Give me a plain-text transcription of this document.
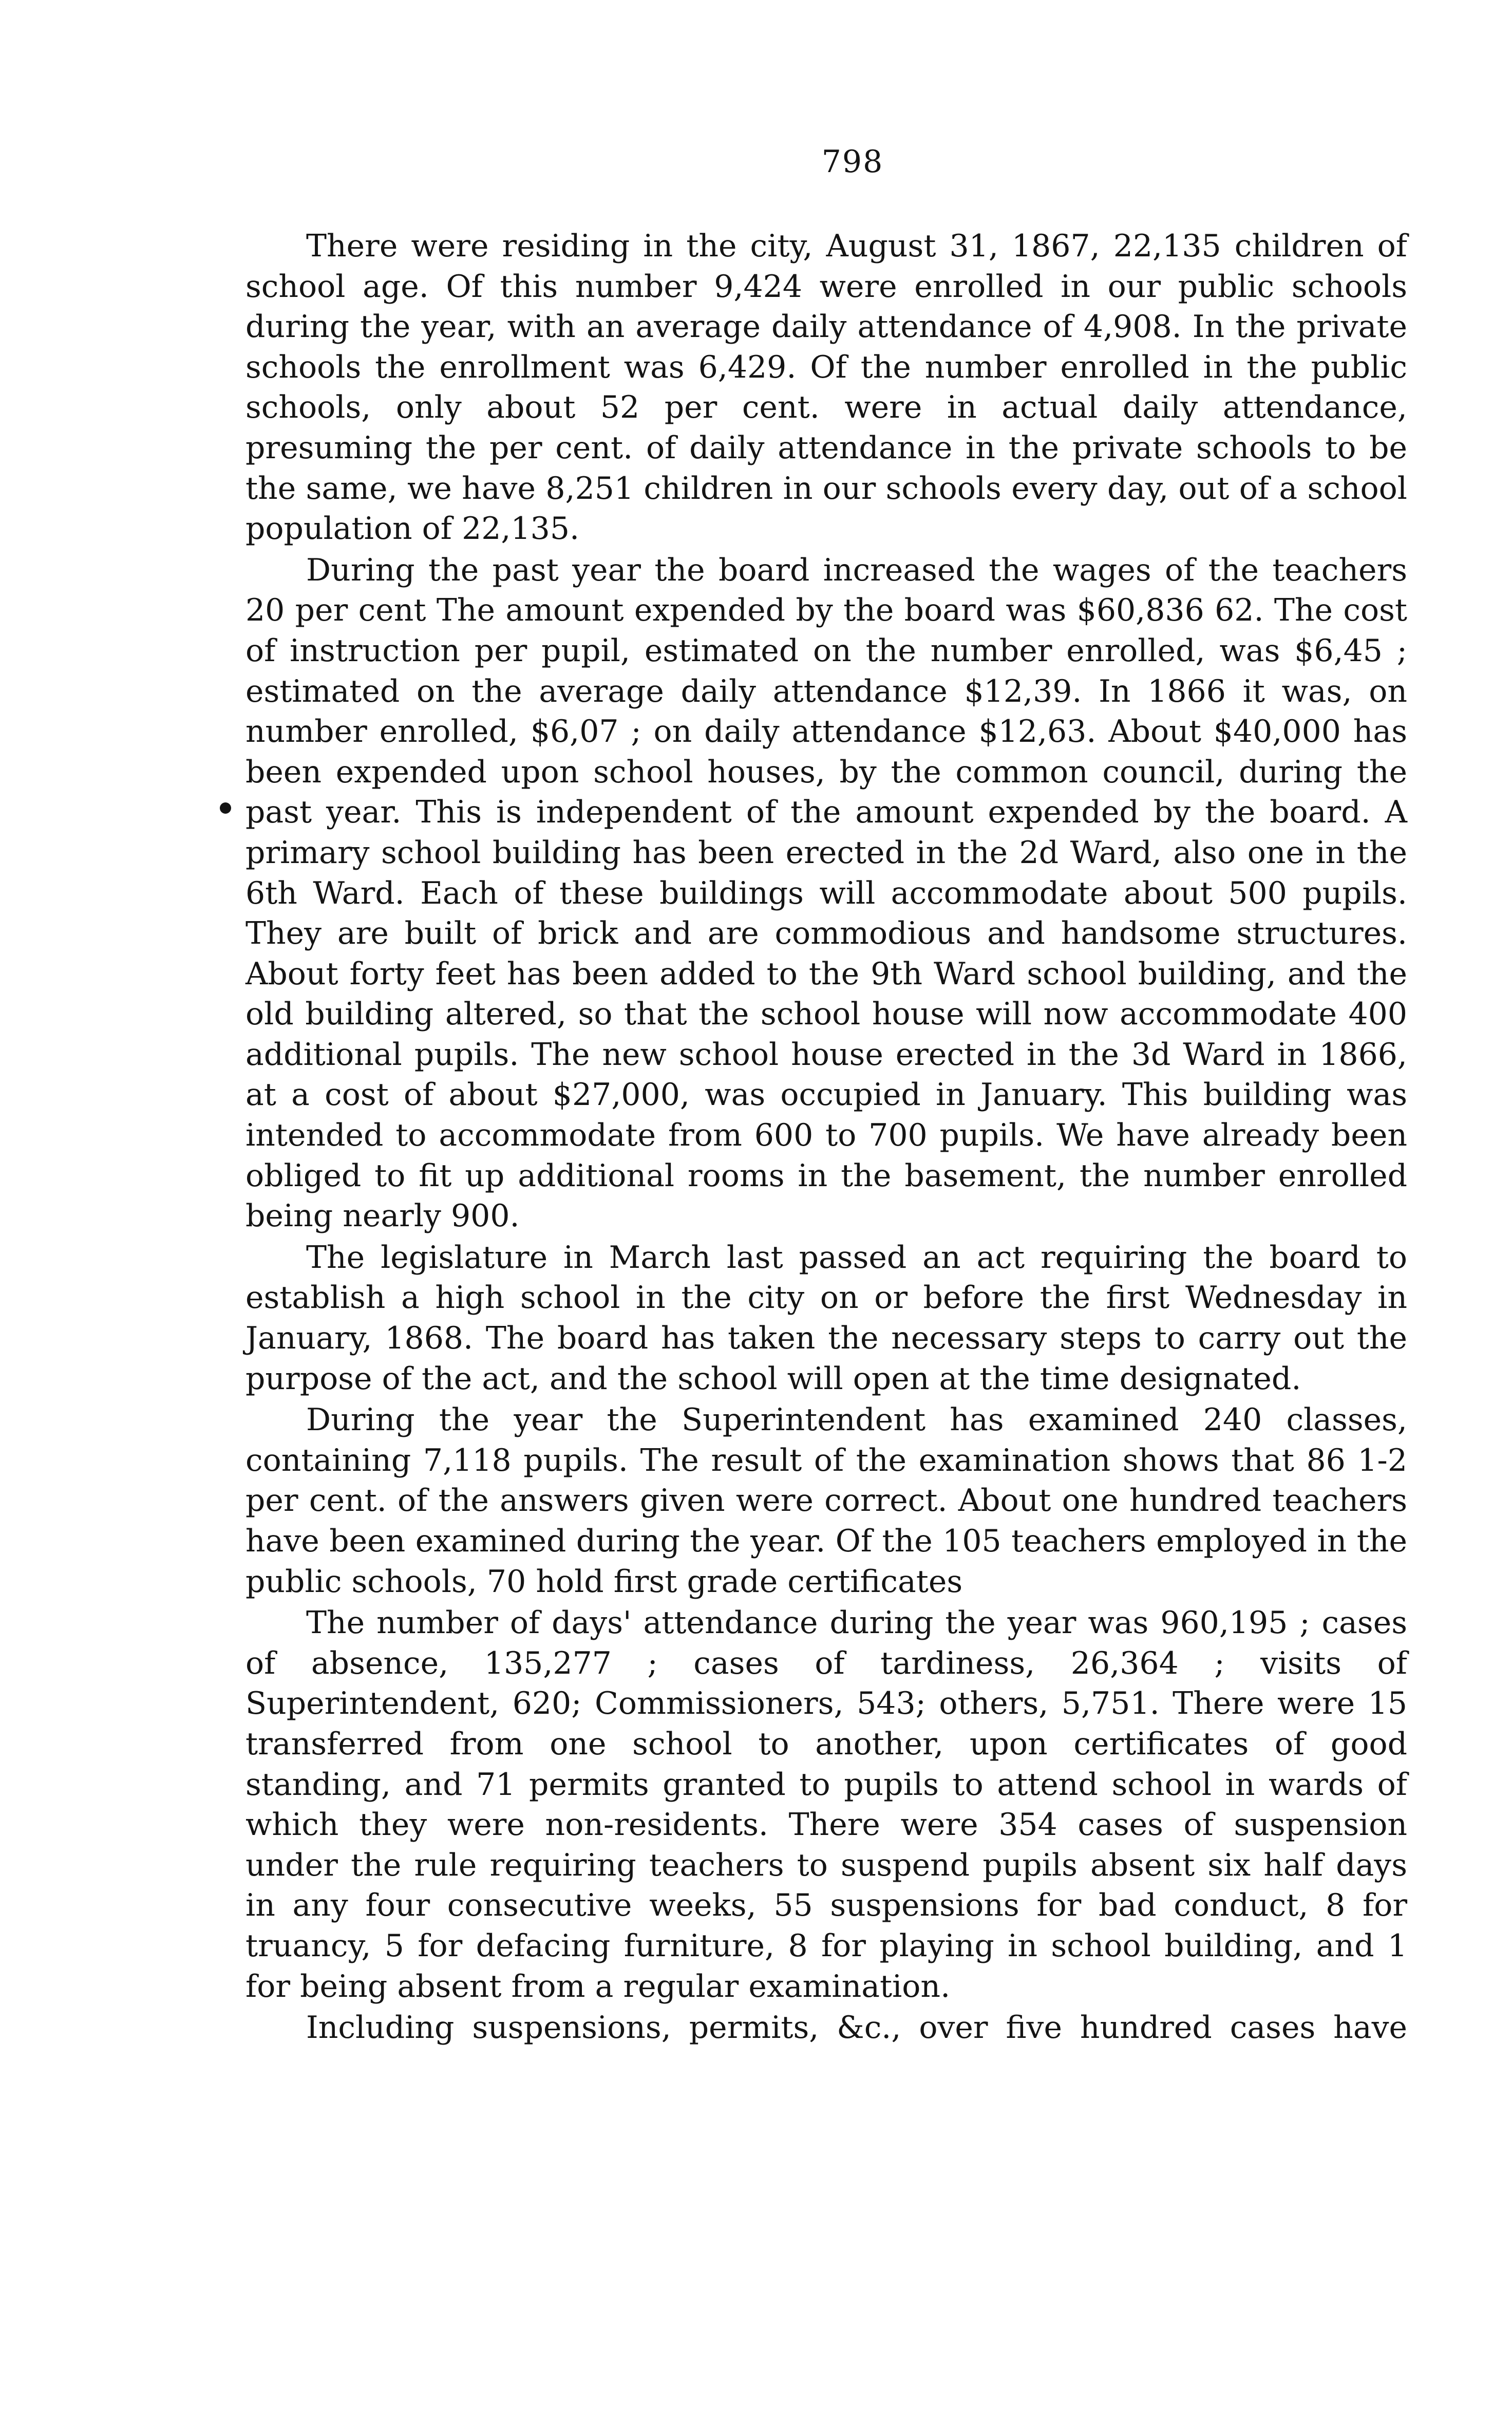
798

There were residing in the city, August 31, 1867, 22,135 children of school age. Of this number 9,424 were enrolled in our public schools during the year, with an average daily attendance of 4,908. In the private schools the enrollment was 6,429. Of the number enrolled in the public schools, only about 52 per cent. were in actual daily attendance, presuming the per cent. of daily attendance in the private schools to be the same, we have 8,251 children in our schools every day, out of a school population of 22,135.

During the past year the board increased the wages of the teachers 20 per cent The amount expended by the board was $60,836 62. The cost of instruction per pupil, estimated on the number enrolled, was $6,45 ; estimated on the average daily attendance $12,39. In 1866 it was, on number enrolled, $6,07 ; on daily attendance $12,63. About $40,000 has been expended upon school houses, by the common council, during the past year. This is independent of the amount expended by the board. A primary school building has been erected in the 2d Ward, also one in the 6th Ward. Each of these buildings will accommodate about 500 pupils. They are built of brick and are commodious and handsome structures. About forty feet has been added to the 9th Ward school building, and the old building altered, so that the school house will now accommodate 400 additional pupils. The new school house erected in the 3d Ward in 1866, at a cost of about $27,000, was occupied in January. This building was intended to accommodate from 600 to 700 pupils. We have already been obliged to fit up additional rooms in the basement, the number enrolled being nearly 900.

The legislature in March last passed an act requiring the board to establish a high school in the city on or before the first Wednesday in January, 1868. The board has taken the necessary steps to carry out the purpose of the act, and the school will open at the time designated.

During the year the Superintendent has examined 240 classes, containing 7,118 pupils. The result of the examination shows that 86 1-2 per cent. of the answers given were correct. About one hundred teachers have been examined during the year. Of the 105 teachers employed in the public schools, 70 hold first grade certificates

The number of days' attendance during the year was 960,195 ; cases of absence, 135,277 ; cases of tardiness, 26,364 ; visits of Superintendent, 620; Commissioners, 543; others, 5,751. There were 15 transferred from one school to another, upon certificates of good standing, and 71 permits granted to pupils to attend school in wards of which they were non-residents. There were 354 cases of suspension under the rule requiring teachers to suspend pupils absent six half days in any four consecutive weeks, 55 suspensions for bad conduct, 8 for truancy, 5 for defacing furniture, 8 for playing in school building, and 1 for being absent from a regular examination.

Including suspensions, permits, &c., over five hundred cases have
